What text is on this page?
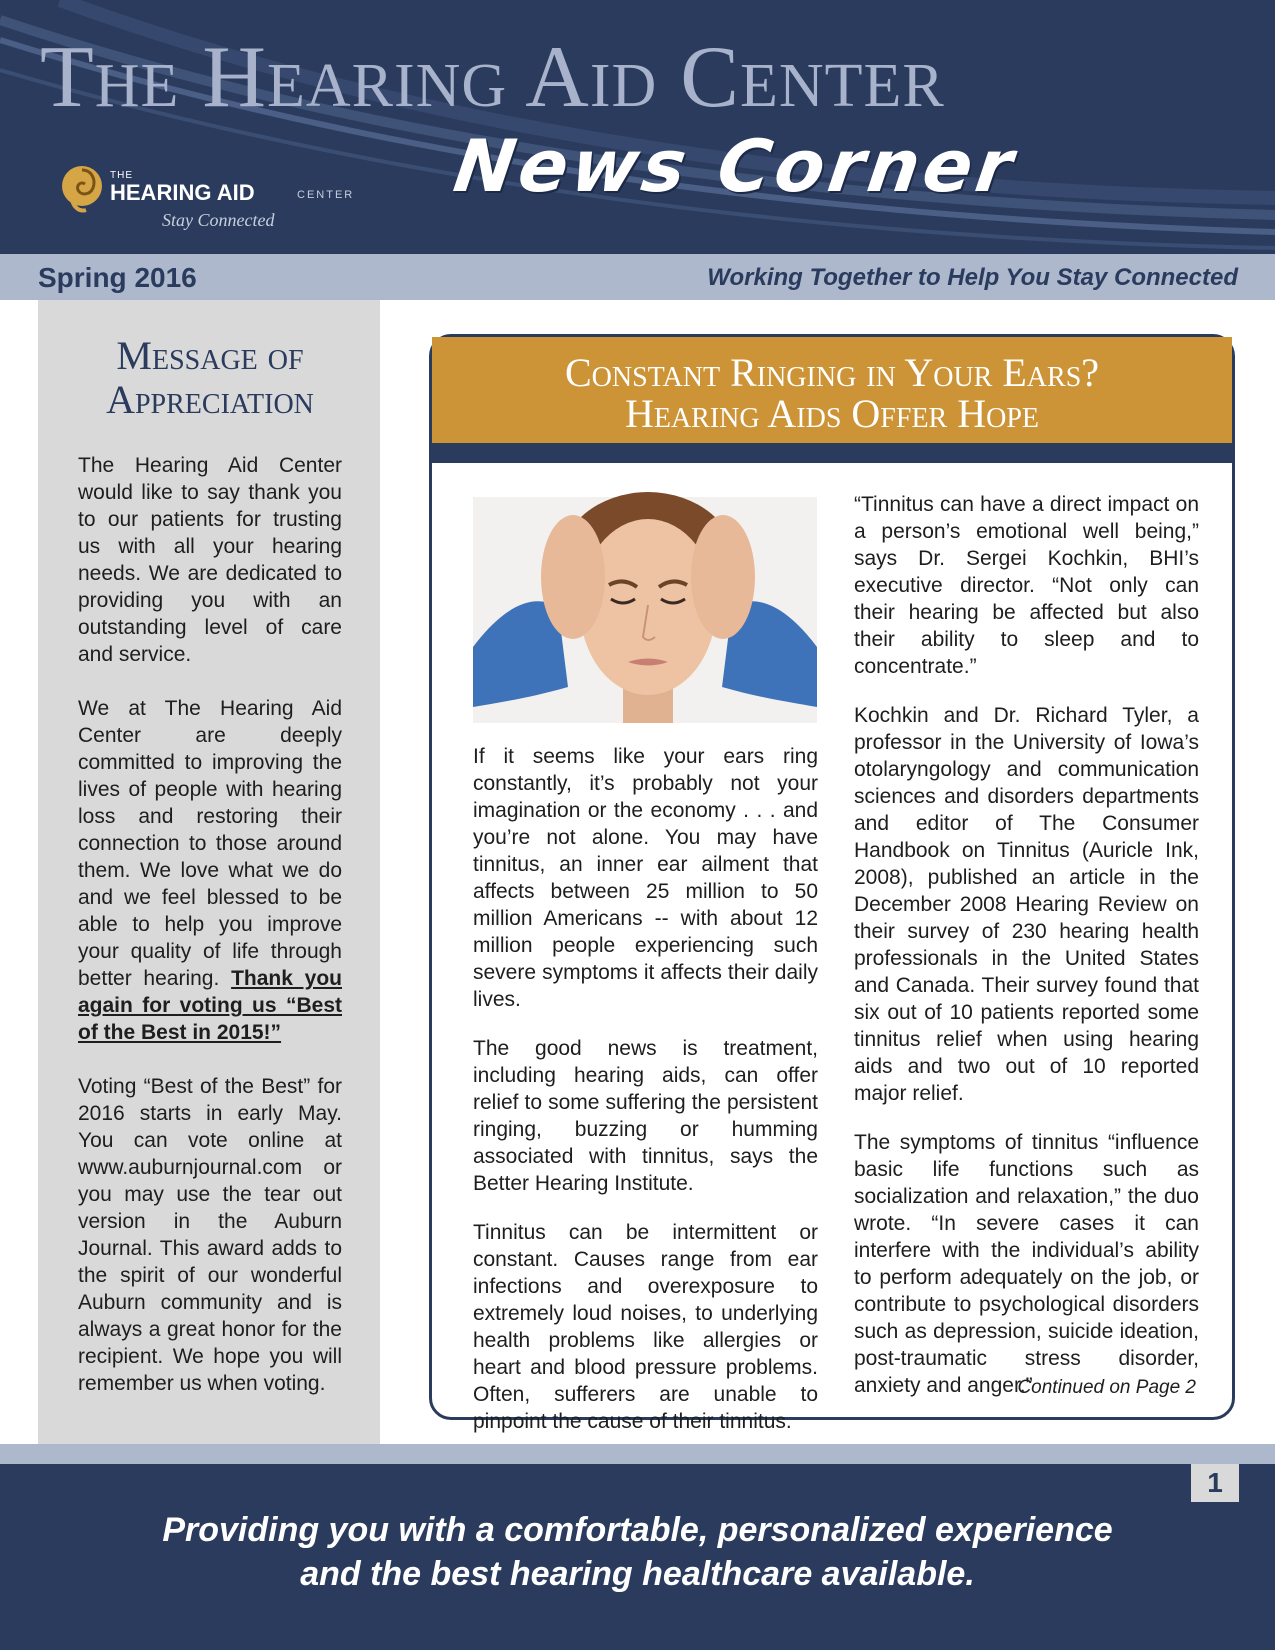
The Hearing Aid Center
News Corner
THE
HEARING AID	CENTER
Stay Connected
Spring 2016	Working Together to Help You Stay Connected
Message of
Appreciation

The Hearing Aid Center would like to say thank you to our patients for trusting us with all your hearing needs. We are dedicated to providing you with an outstanding level of care and service.

We at The Hearing Aid Center are deeply committed to improving the lives of people with hearing loss and restoring their connection to those around them. We love what we do and we feel blessed to be able to help you improve your quality of life through better hearing. Thank you again for voting us “Best of the Best in 2015!”

Voting “Best of the Best” for 2016 starts in early May. You can vote online at www.auburnjournal.com or you may use the tear out version in the Auburn Journal. This award adds to the spirit of our wonderful Auburn community and is always a great honor for the recipient. We hope you will remember us when voting.

Constant Ringing in Your Ears?
Hearing Aids Offer Hope

If it seems like your ears ring constantly, it’s probably not your imagination or the economy . . . and you’re not alone. You may have tinnitus, an inner ear ailment that affects between 25 million to 50 million Americans -- with about 12 million people experiencing such severe symptoms it affects their daily lives.

The good news is treatment, including hearing aids, can offer relief to some suffering the persistent ringing, buzzing or humming associated with tinnitus, says the Better Hearing Institute.

Tinnitus can be intermittent or constant. Causes range from ear infections and overexposure to extremely loud noises, to underlying health problems like allergies or heart and blood pressure problems. Often, sufferers are unable to pinpoint the cause of their tinnitus.

“Tinnitus can have a direct impact on a person’s emotional well being,” says Dr. Sergei Kochkin, BHI’s executive director. “Not only can their hearing be affected but also their ability to sleep and to concentrate.”

Kochkin and Dr. Richard Tyler, a professor in the University of Iowa’s otolaryngology and communication sciences and disorders departments and editor of The Consumer Handbook on Tinnitus (Auricle Ink, 2008), published an article in the December 2008 Hearing Review on their survey of 230 hearing health professionals in the United States and Canada. Their survey found that six out of 10 patients reported some tinnitus relief when using hearing aids and two out of 10 reported major relief.

The symptoms of tinnitus “influence basic life functions such as socialization and relaxation,” the duo wrote. “In severe cases it can interfere with the individual’s ability to perform adequately on the job, or contribute to psychological disorders such as depression, suicide ideation, post-traumatic stress disorder, anxiety and anger.”

Continued on Page 2
1
Providing you with a comfortable, personalized experience
and the best hearing healthcare available.
